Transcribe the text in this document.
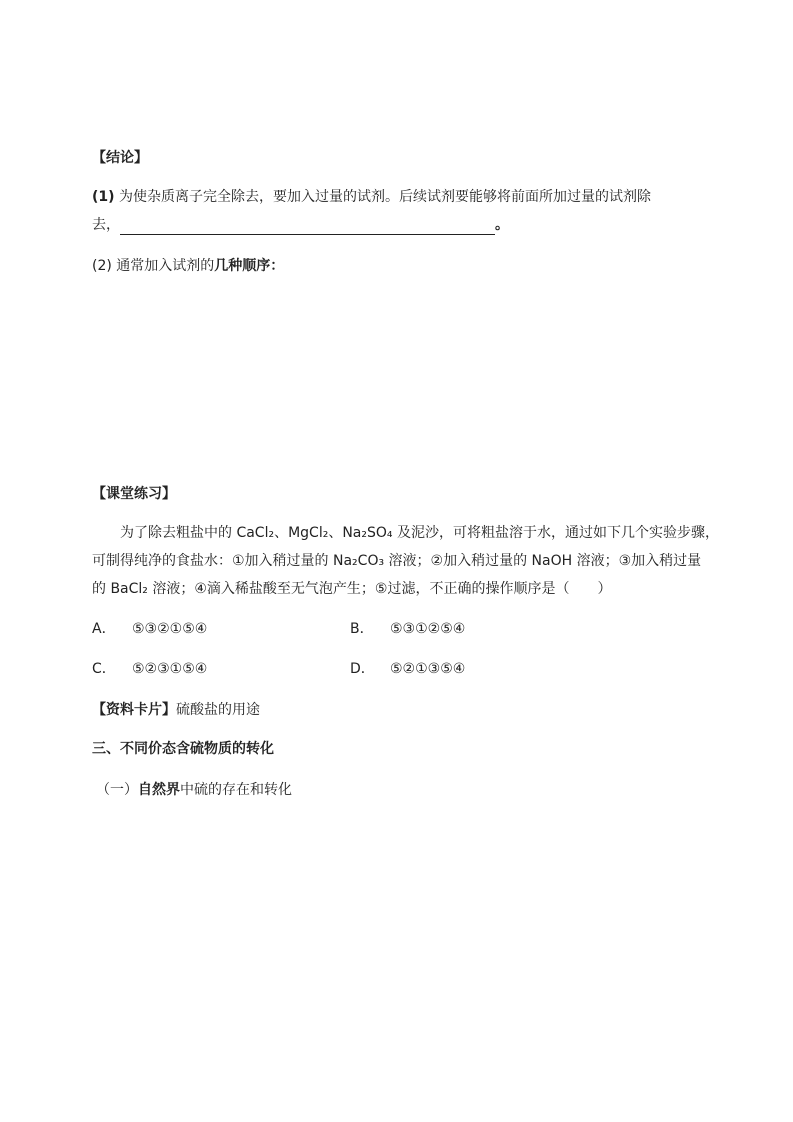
【结论】
(1) 为使杂质离子完全除去，要加入过量的试剂。后续试剂要能够将前面所加过量的试剂除
去，	。
(2) 通常加入试剂的几种顺序：
【课堂练习】
为了除去粗盐中的 CaCl₂、MgCl₂、Na₂SO₄ 及泥沙，可将粗盐溶于水，通过如下几个实验步骤，
可制得纯净的食盐水：①加入稍过量的 Na₂CO₃ 溶液；②加入稍过量的 NaOH 溶液；③加入稍过量
的 BaCl₂ 溶液；④滴入稀盐酸至无气泡产生；⑤过滤，不正确的操作顺序是（　　）
A． ⑤③②①⑤④	B． ⑤③①②⑤④
C． ⑤②③①⑤④	D． ⑤②①③⑤④
【资料卡片】硫酸盐的用途
三、不同价态含硫物质的转化
（一）自然界中硫的存在和转化
